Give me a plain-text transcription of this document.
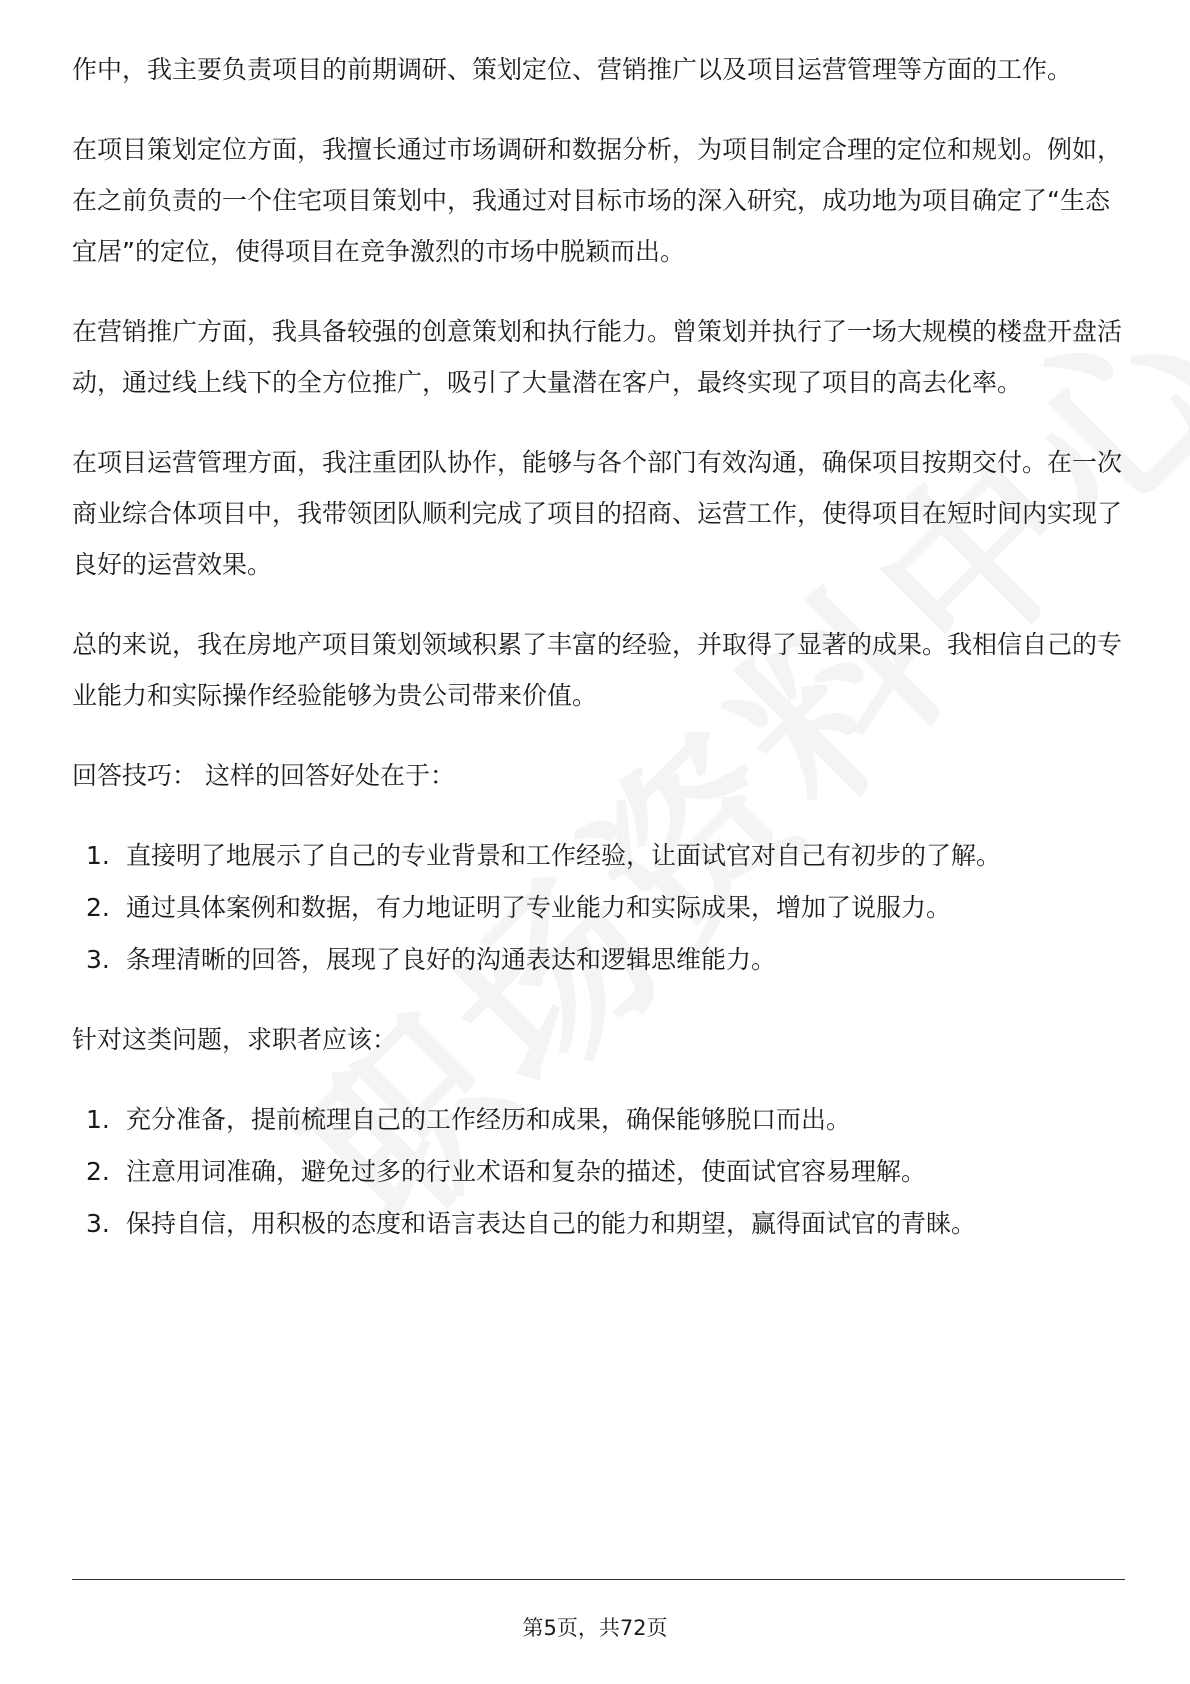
作中，我主要负责项目的前期调研、策划定位、营销推广以及项目运营管理等方面的工作。

在项目策划定位方面，我擅长通过市场调研和数据分析，为项目制定合理的定位和规划。例如，在之前负责的一个住宅项目策划中，我通过对目标市场的深入研究，成功地为项目确定了“生态宜居”的定位，使得项目在竞争激烈的市场中脱颖而出。

在营销推广方面，我具备较强的创意策划和执行能力。曾策划并执行了一场大规模的楼盘开盘活动，通过线上线下的全方位推广，吸引了大量潜在客户，最终实现了项目的高去化率。

在项目运营管理方面，我注重团队协作，能够与各个部门有效沟通，确保项目按期交付。在一次商业综合体项目中，我带领团队顺利完成了项目的招商、运营工作，使得项目在短时间内实现了良好的运营效果。

总的来说，我在房地产项目策划领域积累了丰富的经验，并取得了显著的成果。我相信自己的专业能力和实际操作经验能够为贵公司带来价值。

回答技巧： 这样的回答好处在于：

1. 直接明了地展示了自己的专业背景和工作经验，让面试官对自己有初步的了解。
2. 通过具体案例和数据，有力地证明了专业能力和实际成果，增加了说服力。
3. 条理清晰的回答，展现了良好的沟通表达和逻辑思维能力。

针对这类问题，求职者应该：

1. 充分准备，提前梳理自己的工作经历和成果，确保能够脱口而出。
2. 注意用词准确，避免过多的行业术语和复杂的描述，使面试官容易理解。
3. 保持自信，用积极的态度和语言表达自己的能力和期望，赢得面试官的青睐。
第5页，共72页
